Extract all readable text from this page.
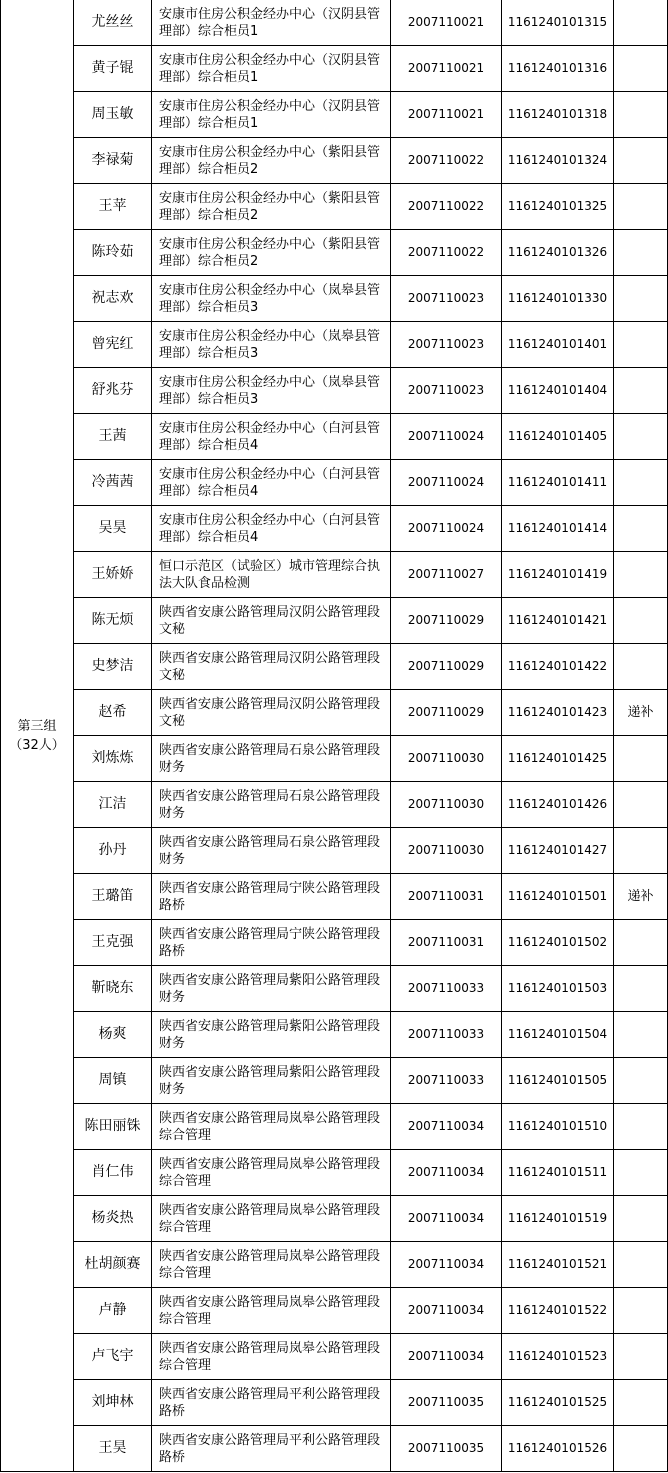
第三组
（32人）	尤丝丝	安康市住房公积金经办中心（汉阴县管理部）综合柜员1	2007110021	1161240101315	
	黄子锟	安康市住房公积金经办中心（汉阴县管理部）综合柜员1	2007110021	1161240101316	
	周玉敏	安康市住房公积金经办中心（汉阴县管理部）综合柜员1	2007110021	1161240101318	
	李禄菊	安康市住房公积金经办中心（紫阳县管理部）综合柜员2	2007110022	1161240101324	
	王苹	安康市住房公积金经办中心（紫阳县管理部）综合柜员2	2007110022	1161240101325	
	陈玲茹	安康市住房公积金经办中心（紫阳县管理部）综合柜员2	2007110022	1161240101326	
	祝志欢	安康市住房公积金经办中心（岚皋县管理部）综合柜员3	2007110023	1161240101330	
	曾宪红	安康市住房公积金经办中心（岚皋县管理部）综合柜员3	2007110023	1161240101401	
	舒兆芬	安康市住房公积金经办中心（岚皋县管理部）综合柜员3	2007110023	1161240101404	
	王茜	安康市住房公积金经办中心（白河县管理部）综合柜员4	2007110024	1161240101405	
	冷茜茜	安康市住房公积金经办中心（白河县管理部）综合柜员4	2007110024	1161240101411	
	吴昊	安康市住房公积金经办中心（白河县管理部）综合柜员4	2007110024	1161240101414	
	王娇娇	恒口示范区（试验区）城市管理综合执法大队食品检测	2007110027	1161240101419	
	陈无烦	陕西省安康公路管理局汉阴公路管理段文秘	2007110029	1161240101421	
	史梦洁	陕西省安康公路管理局汉阴公路管理段文秘	2007110029	1161240101422	
	赵希	陕西省安康公路管理局汉阴公路管理段文秘	2007110029	1161240101423	递补
	刘炼炼	陕西省安康公路管理局石泉公路管理段财务	2007110030	1161240101425	
	江洁	陕西省安康公路管理局石泉公路管理段财务	2007110030	1161240101426	
	孙丹	陕西省安康公路管理局石泉公路管理段财务	2007110030	1161240101427	
	王璐笛	陕西省安康公路管理局宁陕公路管理段路桥	2007110031	1161240101501	递补
	王克强	陕西省安康公路管理局宁陕公路管理段路桥	2007110031	1161240101502	
	靳晓东	陕西省安康公路管理局紫阳公路管理段财务	2007110033	1161240101503	
	杨爽	陕西省安康公路管理局紫阳公路管理段财务	2007110033	1161240101504	
	周镇	陕西省安康公路管理局紫阳公路管理段财务	2007110033	1161240101505	
	陈田丽铢	陕西省安康公路管理局岚皋公路管理段综合管理	2007110034	1161240101510	
	肖仁伟	陕西省安康公路管理局岚皋公路管理段综合管理	2007110034	1161240101511	
	杨炎热	陕西省安康公路管理局岚皋公路管理段综合管理	2007110034	1161240101519	
	杜胡颜赛	陕西省安康公路管理局岚皋公路管理段综合管理	2007110034	1161240101521	
	卢静	陕西省安康公路管理局岚皋公路管理段综合管理	2007110034	1161240101522	
	卢飞宇	陕西省安康公路管理局岚皋公路管理段综合管理	2007110034	1161240101523	
	刘坤林	陕西省安康公路管理局平利公路管理段路桥	2007110035	1161240101525	
	王昊	陕西省安康公路管理局平利公路管理段路桥	2007110035	1161240101526	
